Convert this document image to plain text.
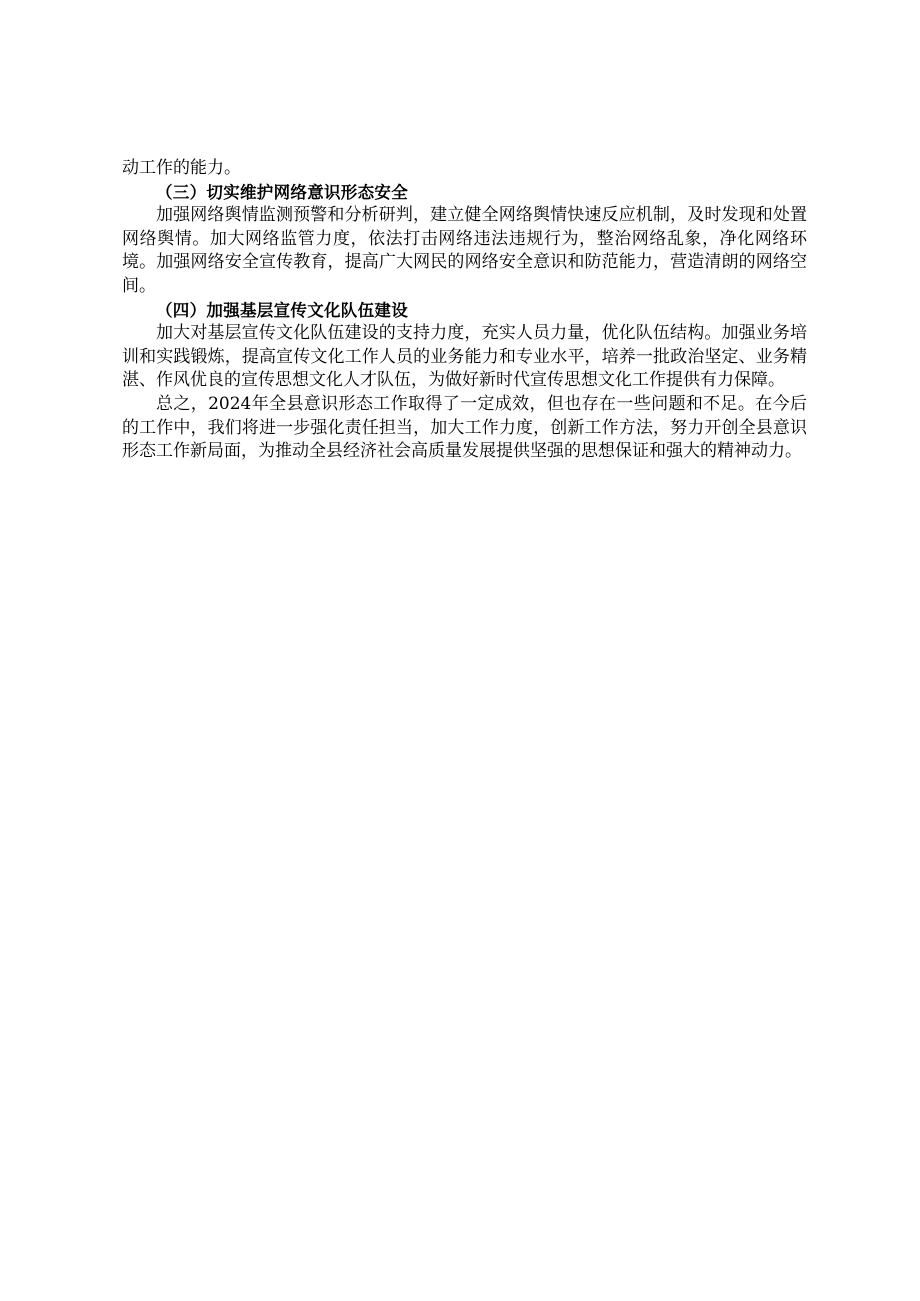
动工作的能力。

（三）切实维护网络意识形态安全

加强网络舆情监测预警和分析研判，建立健全网络舆情快速反应机制，及时发现和处置网络舆情。加大网络监管力度，依法打击网络违法违规行为，整治网络乱象，净化网络环境。加强网络安全宣传教育，提高广大网民的网络安全意识和防范能力，营造清朗的网络空间。

（四）加强基层宣传文化队伍建设

加大对基层宣传文化队伍建设的支持力度，充实人员力量，优化队伍结构。加强业务培训和实践锻炼，提高宣传文化工作人员的业务能力和专业水平，培养一批政治坚定、业务精湛、作风优良的宣传思想文化人才队伍，为做好新时代宣传思想文化工作提供有力保障。

总之，2024年全县意识形态工作取得了一定成效，但也存在一些问题和不足。在今后的工作中，我们将进一步强化责任担当，加大工作力度，创新工作方法，努力开创全县意识形态工作新局面，为推动全县经济社会高质量发展提供坚强的思想保证和强大的精神动力。
